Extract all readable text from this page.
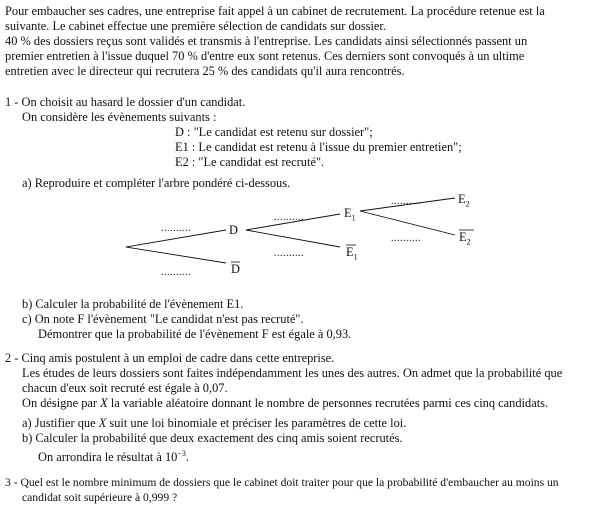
Pour embaucher ses cadres, une entreprise fait appel à un cabinet de recrutement. La procédure retenue est la
suivante. Le cabinet effectue une première sélection de candidats sur dossier.
40 % des dossiers reçus sont validés et transmis à l'entreprise. Les candidats ainsi sélectionnés passent un
premier entretien à l'issue duquel 70 % d'entre eux sont retenus. Ces derniers sont convoqués à un ultime
entretien avec le directeur qui recrutera 25 % des candidats qu'il aura rencontrés.
1 - On choisit au hasard le dossier d'un candidat.
On considère les évènements suivants :
D : "Le candidat est retenu sur dossier";
E1 : Le candidat est retenu à l'issue du premier entretien";
E2 : "Le candidat est recruté".
a) Reproduire et compléter l'arbre pondéré ci-dessous.
..........
..........
..........
..........
..........
..........
D
D
$E_1$
$E_1$
$E_2$
$E_2$
b) Calculer la probabilité de l'évènement E1.
c) On note F l'évènement "Le candidat n'est pas recruté".
Démontrer que la probabilité de l'évènement F est égale à 0,93.
2 - Cinq amis postulent à un emploi de cadre dans cette entreprise.
Les études de leurs dossiers sont faites indépendamment les unes des autres. On admet que la probabilité que
chacun d'eux soit recruté est égale à 0,07.
On désigne par X la variable aléatoire donnant le nombre de personnes recrutées parmi ces cinq candidats.
a) Justifier que X suit une loi binomiale et préciser les paramètres de cette loi.
b) Calculer la probabilité que deux exactement des cinq amis soient recrutés.
On arrondira le résultat à $10^{-3}$.
3 - Quel est le nombre minimum de dossiers que le cabinet doit traiter pour que la probabilité d'embaucher au moins un
candidat soit supérieure à 0,999 ?
